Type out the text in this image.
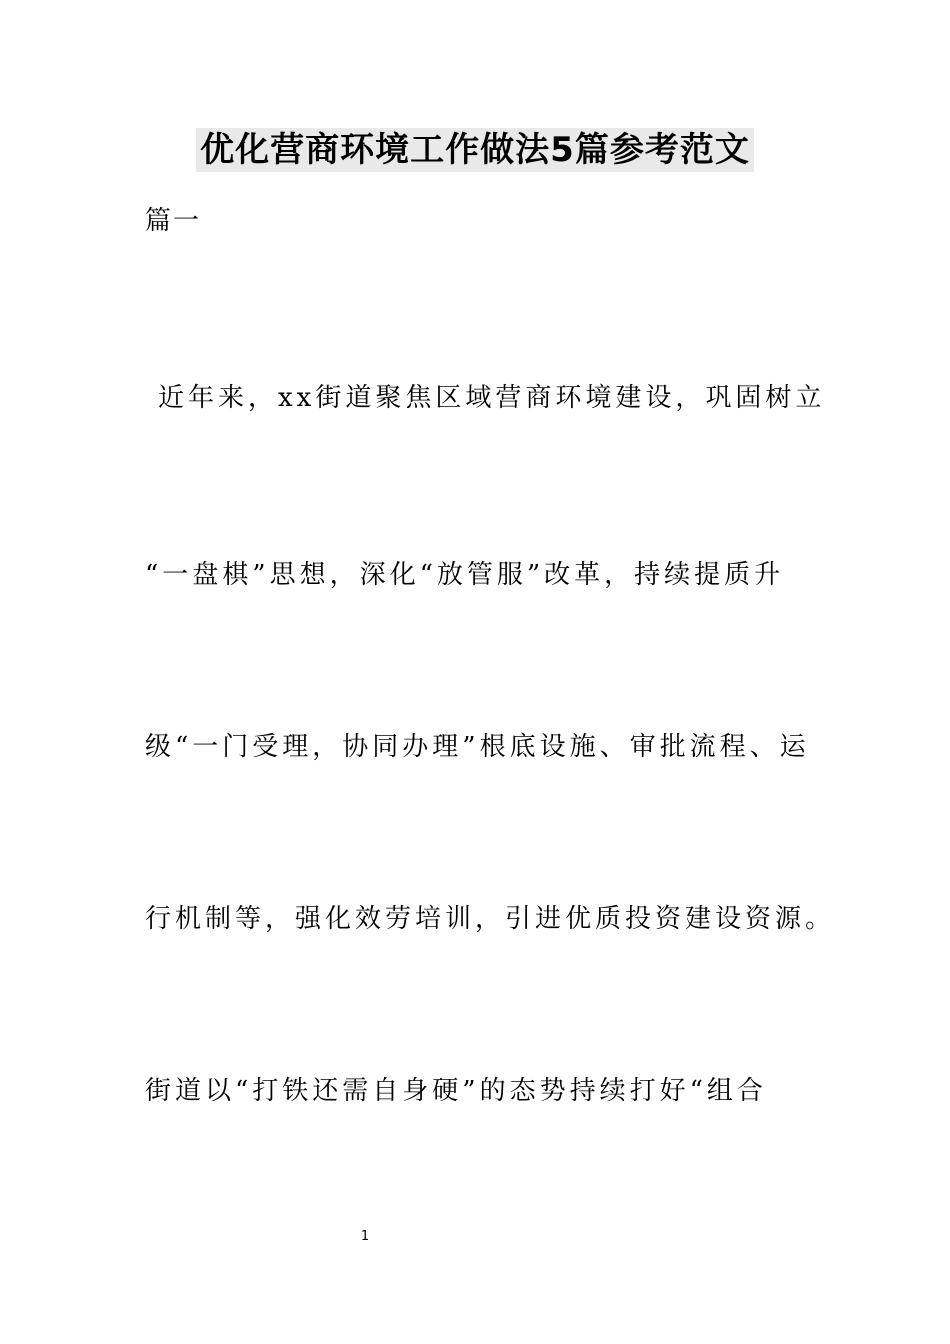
优化营商环境工作做法5篇参考范文
篇一
近年来，xx街道聚焦区域营商环境建设，巩固树立
“一盘棋”思想，深化“放管服”改革，持续提质升
级“一门受理，协同办理”根底设施、审批流程、运
行机制等，强化效劳培训，引进优质投资建设资源。
街道以“打铁还需自身硬”的态势持续打好“组合
1
